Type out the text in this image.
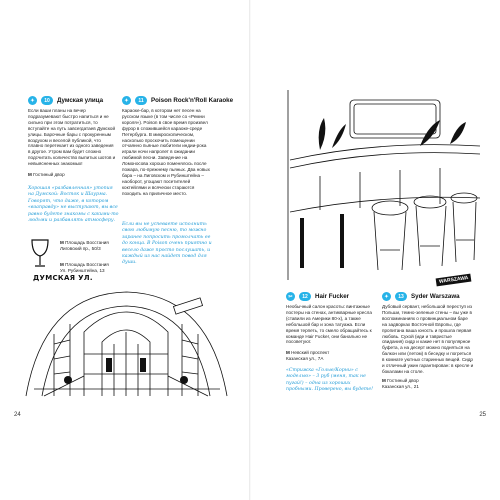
✦	10	Думская улица
Если ваши планы на вечер подразумевают быстро напиться и не сильно при этом потратиться, то вступайте на путь завсегдатаев Думской улицы. Барочные бары с прокуренным воздухом и веселой публикой, что плавно перетекает из одного заведения в другое. Утром вам будет сложно подсчитать количество выпитых шотов и невыясненных знакомых!
M Гостиный двор
Хорошая «разбавленная» утопия на Думской: Восток и Шаурма. Говорят, что даже, в котором «взаправду» не выступают, вы все равно будете знакомы с какими-то людьми и разбавлять атмосферу.
M Площадь Восстания
Лиговский пр., 50/3
M Площадь Восстания
Ул. Рубинштейна, 13
✦	11	Poison Rock'n'Roll Karaoke
Караоке-бар, в котором нет песен на русском языке (в том числе со «Ремни короля»). Poison в свое время произвел фурор в сложившейся караоке-среде Петербурга. В микроскопическом, насколько проскочить помещении отчаянно пьяные любители индии-рока играли ночи напролет в ожидании любимой песни. Заведение на Ломоносова хорошо поменялось после пожара, по-прежнему пьяных. Два новых бара – на Лиговском и Рубинштейна – наоборот, угощают посетителей коктейлями и всячески стараются походить на приличное место.
Если вы не успеваете исполнить свою любимую песню, то можно заранее попросить промолчать ее до конца. В Poison очень приятно и весело даже просто послушать, и каждый из нас найдет повод для души.
ДУМСКАЯ УЛ.
24
WARSZAWA
✂	12	Hair Fucker
Необычный салон красоты: винтажные постеры на стенах, антикварные кресла (ставили из Америки 80-х), а также небольшой бар и зона татуажа. Если время терпеть, то смело обращайтесь к командe Hair Fucker, они банально не посоветуют.
M Невский проспект
Казанская ул., 7А
«Стрижка «Голые/Корни» с моделью» – 3 руб (меня, так не пугай!) – одна из хороших пробными. Проверено, вы будете!
✦	13	Syder Warszawa
Дубовый сервант, небольшой переступ из Польши, темно-зеленые стены – вы уже в воспоминаниях о провинциальном баре на задворках Восточной Европы, где пропитана ваша юность и прошла первая любовь. Сухой (иди и тавристые свидания) сидр и какие нет в популярное буфета, а на десерт можно подняться на балкон или (летом) в беседку и погреться в комнате уютных старинных вещей. Сидр и отличный ужин гарантирован: в кресле и бокалами на столе.
M Гостиный двор
Казанская ул., 21
25
